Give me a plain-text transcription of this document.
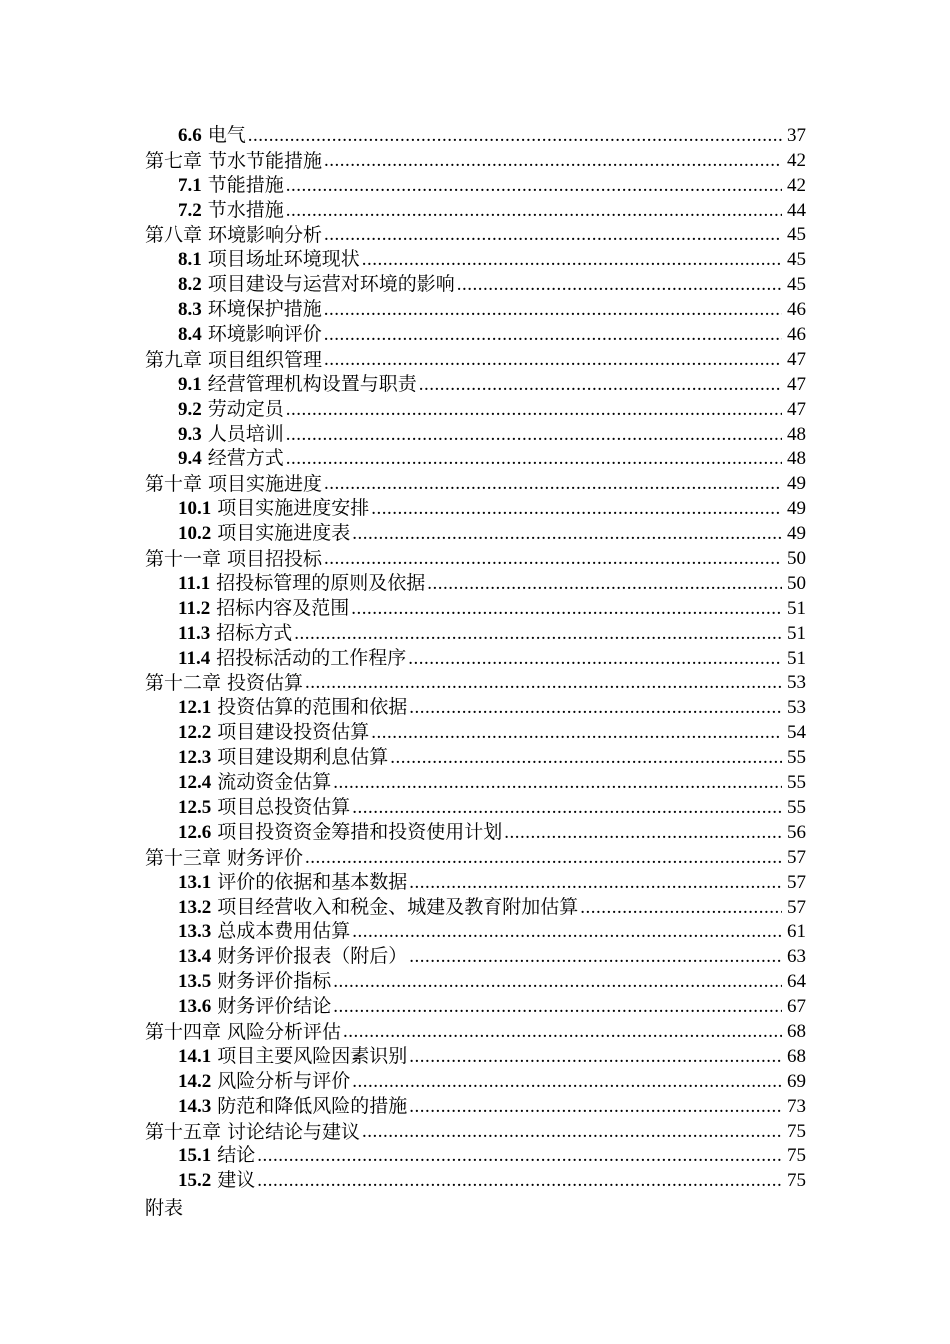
6.6 电气 .....	37
第七章 节水节能措施 .....	42
7.1 节能措施 .....	42
7.2 节水措施 .....	44
第八章 环境影响分析 .....	45
8.1 项目场址环境现状 .....	45
8.2 项目建设与运营对环境的影响 .....	45
8.3 环境保护措施 .....	46
8.4 环境影响评价 .....	46
第九章 项目组织管理 .....	47
9.1 经营管理机构设置与职责 .....	47
9.2 劳动定员 .....	47
9.3 人员培训 .....	48
9.4 经营方式 .....	48
第十章 项目实施进度 .....	49
10.1 项目实施进度安排 .....	49
10.2 项目实施进度表 .....	49
第十一章 项目招投标 .....	50
11.1 招投标管理的原则及依据 .....	50
11.2 招标内容及范围 .....	51
11.3 招标方式 .....	51
11.4 招投标活动的工作程序 .....	51
第十二章 投资估算 .....	53
12.1 投资估算的范围和依据 .....	53
12.2 项目建设投资估算 .....	54
12.3 项目建设期利息估算 .....	55
12.4 流动资金估算 .....	55
12.5 项目总投资估算 .....	55
12.6 项目投资资金筹措和投资使用计划 .....	56
第十三章 财务评价 .....	57
13.1 评价的依据和基本数据 .....	57
13.2 项目经营收入和税金、城建及教育附加估算 .....	57
13.3 总成本费用估算 .....	61
13.4 财务评价报表（附后） .....	63
13.5 财务评价指标 .....	64
13.6 财务评价结论 .....	67
第十四章 风险分析评估 .....	68
14.1 项目主要风险因素识别 .....	68
14.2 风险分析与评价 .....	69
14.3 防范和降低风险的措施 .....	73
第十五章 讨论结论与建议 .....	75
15.1 结论 .....	75
15.2 建议 .....	75
附表
